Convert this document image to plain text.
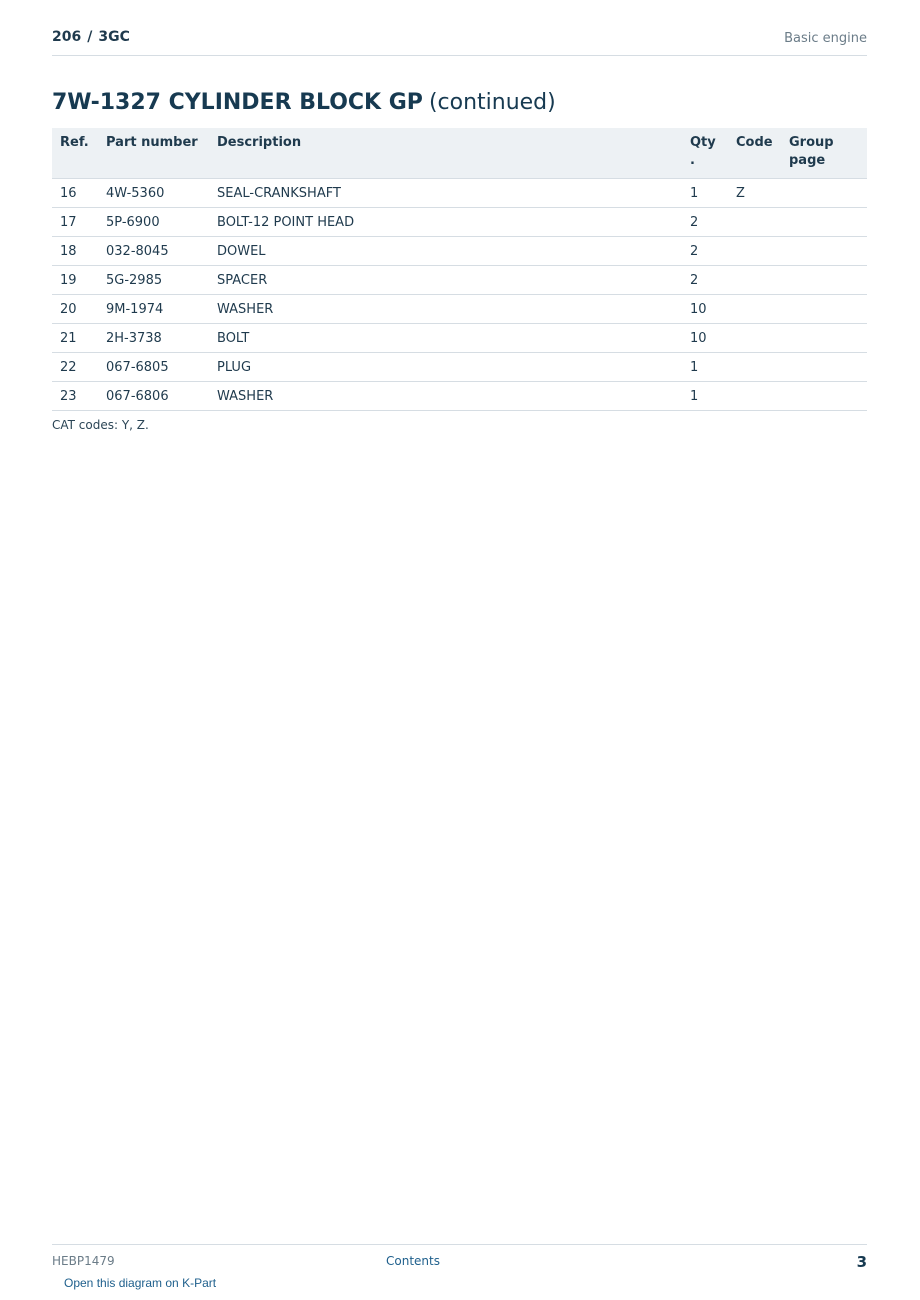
206 / 3GC	Basic engine
7W-1327 CYLINDER BLOCK GP (continued)
Ref.	Part number	Description	Qty .	Code	Group page
16	4W-5360	SEAL-CRANKSHAFT	1	Z	
17	5P-6900	BOLT-12 POINT HEAD	2		
18	032-8045	DOWEL	2		
19	5G-2985	SPACER	2		
20	9M-1974	WASHER	10		
21	2H-3738	BOLT	10		
22	067-6805	PLUG	1		
23	067-6806	WASHER	1		
CAT codes: Y, Z.
HEBP1479	Contents	3
Open this diagram on K-Part
